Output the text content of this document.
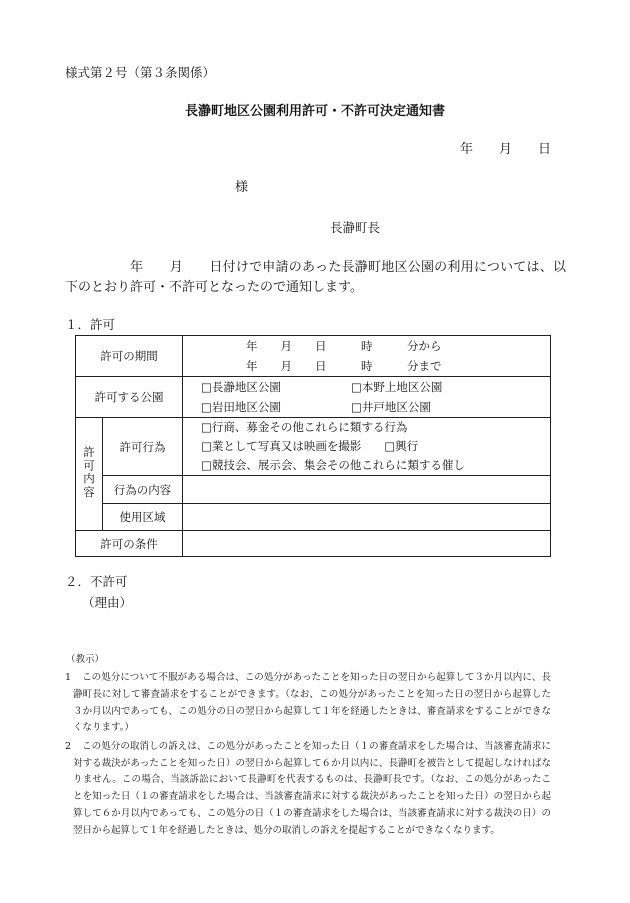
様式第２号（第３条関係）
長瀞町地区公園利用許可・不許可決定通知書
年　　月　　日
様
長瀞町長
年　　月　　日付けで申請のあった長瀞町地区公園の利用については、以下のとおり許可・不許可となったので通知します。
１．許可
許可の期間		年　　月　　日　　　時　　　分から
年　　月　　日　　　時　　　分まで

許可する公園		□長瀞地区公園 □本野上地区公園
□岩田地区公園 □井戸地区公園

許可内容	許可行為	□行商、募金その他これらに類する行為
□業として写真又は映画を撮影 □興行
□競技会、展示会、集会その他これらに類する催し

	行為の内容	
	使用区域	
許可の条件		
２．不許可
（理由）
（教示）

1 この処分について不服がある場合は、この処分があったことを知った日の翌日から起算して３か月以内に、長瀞町長に対して審査請求をすることができます。（なお、この処分があったことを知った日の翌日から起算した３か月以内であっても、この処分の日の翌日から起算して１年を経過したときは、審査請求をすることができなくなります。）

2 この処分の取消しの訴えは、この処分があったことを知った日（１の審査請求をした場合は、当該審査請求に対する裁決があったことを知った日）の翌日から起算して６か月以内に、長瀞町を被告として提起しなければなりません。この場合、当該訴訟において長瀞町を代表するものは、長瀞町長です。（なお、この処分があったことを知った日（１の審査請求をした場合は、当該審査請求に対する裁決があったことを知った日）の翌日から起算して６か月以内であっても、この処分の日（１の審査請求をした場合は、当該審査請求に対する裁決の日）の翌日から起算して１年を経過したときは、処分の取消しの訴えを提起することができなくなります。
